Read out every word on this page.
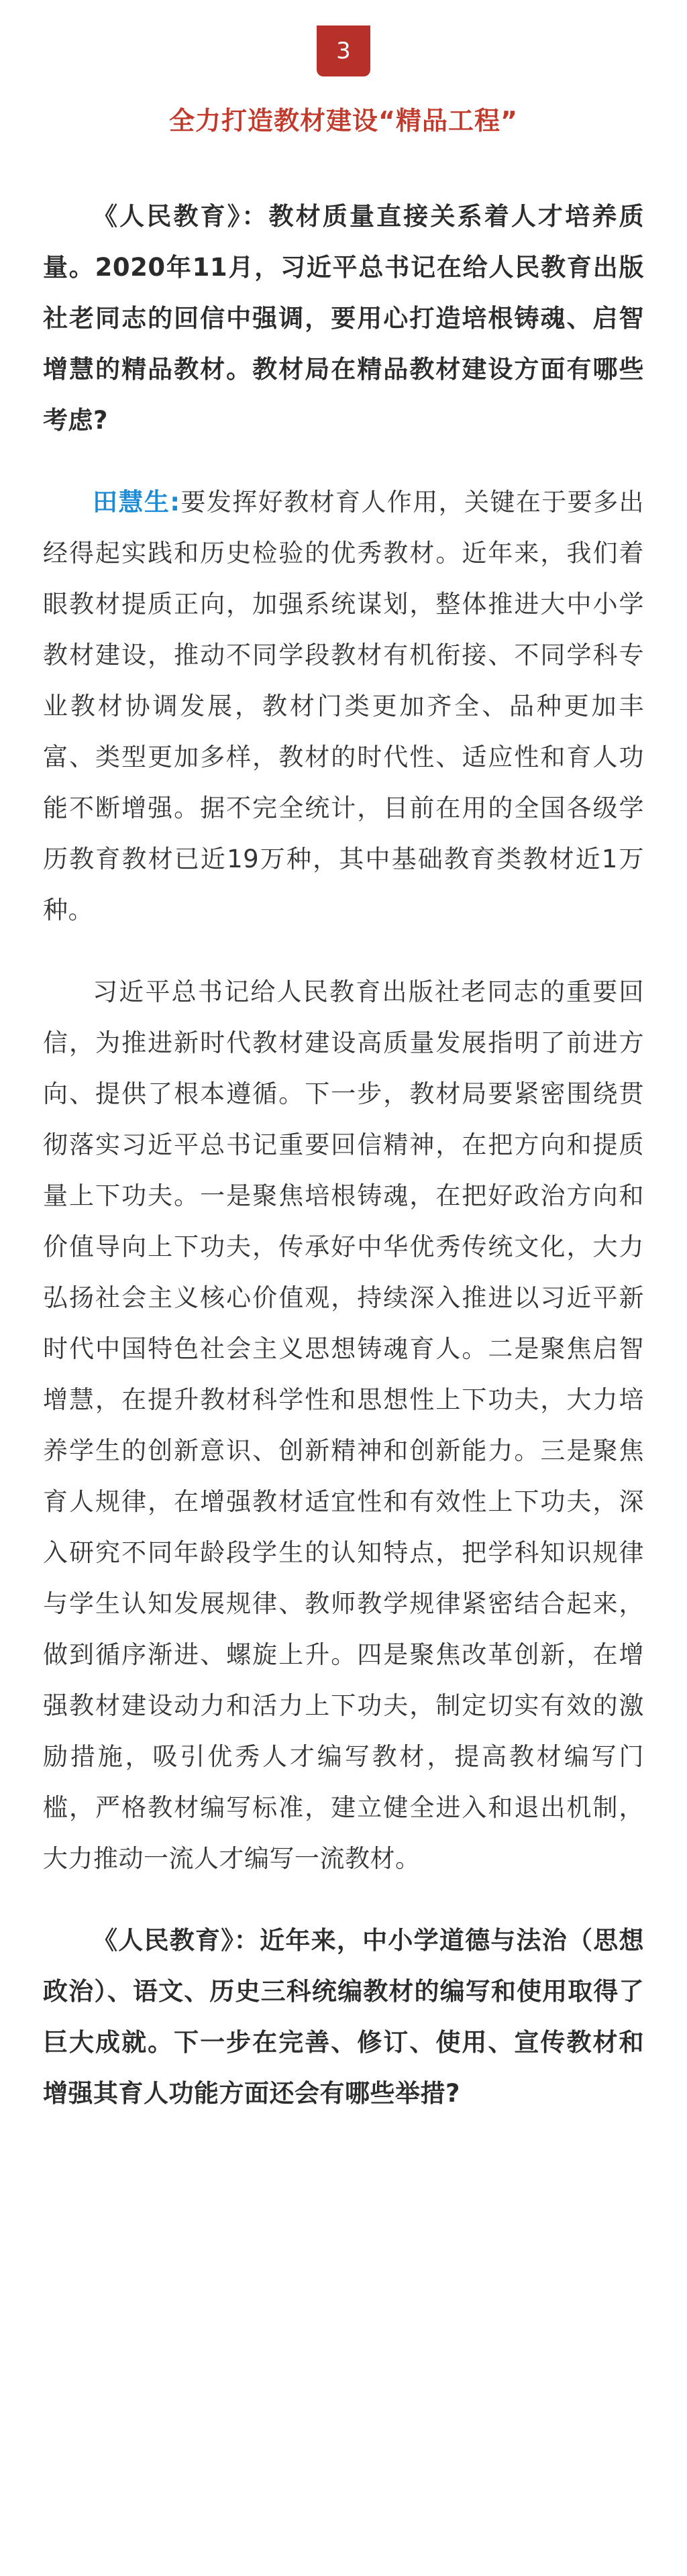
3
全力打造教材建设“精品工程”

《人民教育》：教材质量直接关系着人才培养质量。2020年11月，习近平总书记在给人民教育出版社老同志的回信中强调，要用心打造培根铸魂、启智增慧的精品教材。教材局在精品教材建设方面有哪些考虑?

田慧生:要发挥好教材育人作用，关键在于要多出经得起实践和历史检验的优秀教材。近年来，我们着眼教材提质正向，加强系统谋划，整体推进大中小学教材建设，推动不同学段教材有机衔接、不同学科专业教材协调发展，教材门类更加齐全、品种更加丰富、类型更加多样，教材的时代性、适应性和育人功能不断增强。据不完全统计，目前在用的全国各级学历教育教材已近19万种，其中基础教育类教材近1万种。

习近平总书记给人民教育出版社老同志的重要回信，为推进新时代教材建设高质量发展指明了前进方向、提供了根本遵循。下一步，教材局要紧密围绕贯彻落实习近平总书记重要回信精神，在把方向和提质量上下功夫。一是聚焦培根铸魂，在把好政治方向和价值导向上下功夫，传承好中华优秀传统文化，大力弘扬社会主义核心价值观，持续深入推进以习近平新时代中国特色社会主义思想铸魂育人。二是聚焦启智增慧，在提升教材科学性和思想性上下功夫，大力培养学生的创新意识、创新精神和创新能力。三是聚焦育人规律，在增强教材适宜性和有效性上下功夫，深入研究不同年龄段学生的认知特点，把学科知识规律与学生认知发展规律、教师教学规律紧密结合起来，做到循序渐进、螺旋上升。四是聚焦改革创新，在增强教材建设动力和活力上下功夫，制定切实有效的激励措施，吸引优秀人才编写教材，提高教材编写门槛，严格教材编写标准，建立健全进入和退出机制，大力推动一流人才编写一流教材。

《人民教育》：近年来，中小学道德与法治（思想政治）、语文、历史三科统编教材的编写和使用取得了巨大成就。下一步在完善、修订、使用、宣传教材和增强其育人功能方面还会有哪些举措?
